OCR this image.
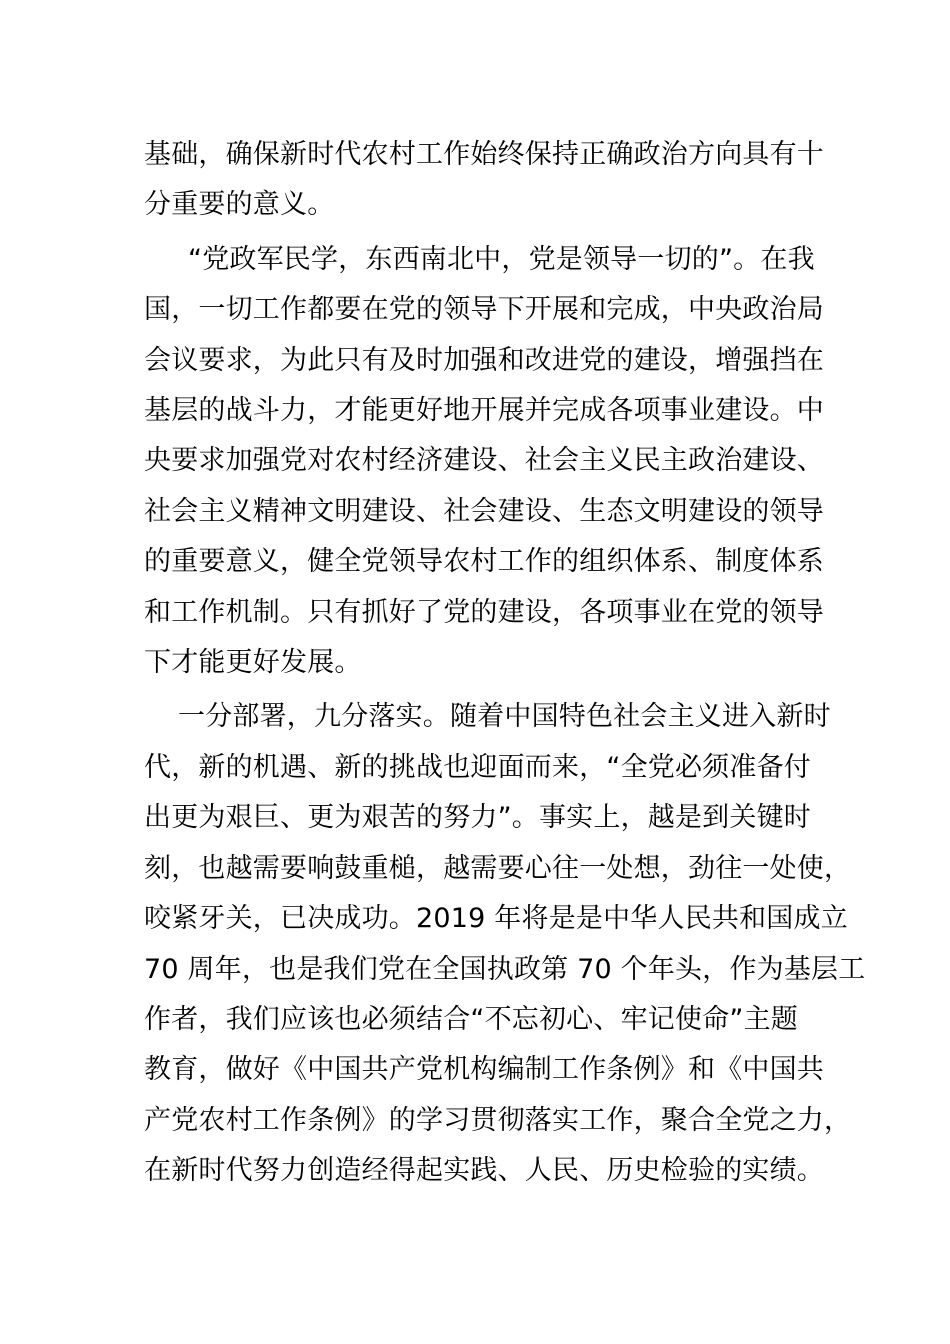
基础，确保新时代农村工作始终保持正确政治方向具有十
分重要的意义。

“党政军民学，东西南北中，党是领导一切的”。在我
国，一切工作都要在党的领导下开展和完成，中央政治局
会议要求，为此只有及时加强和改进党的建设，增强挡在
基层的战斗力，才能更好地开展并完成各项事业建设。中
央要求加强党对农村经济建设、社会主义民主政治建设、
社会主义精神文明建设、社会建设、生态文明建设的领导
的重要意义，健全党领导农村工作的组织体系、制度体系
和工作机制。只有抓好了党的建设，各项事业在党的领导
下才能更好发展。

一分部署，九分落实。随着中国特色社会主义进入新时
代，新的机遇、新的挑战也迎面而来，“全党必须准备付
出更为艰巨、更为艰苦的努力”。事实上，越是到关键时
刻，也越需要响鼓重槌，越需要心往一处想，劲往一处使，
咬紧牙关，已决成功。2019 年将是是中华人民共和国成立
70 周年，也是我们党在全国执政第 70 个年头，作为基层工
作者，我们应该也必须结合“不忘初心、牢记使命”主题
教育，做好《中国共产党机构编制工作条例》和《中国共
产党农村工作条例》的学习贯彻落实工作，聚合全党之力，
在新时代努力创造经得起实践、人民、历史检验的实绩。
